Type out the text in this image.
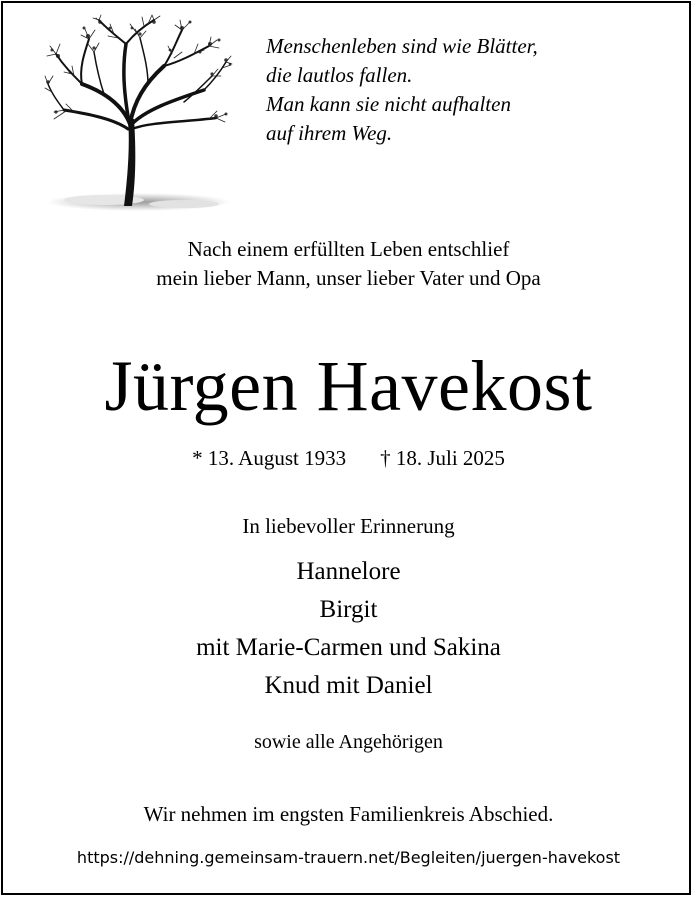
Menschenleben sind wie Blätter,
die lautlos fallen.
Man kann sie nicht aufhalten
auf ihrem Weg.
Nach einem erfüllten Leben entschlief
mein lieber Mann, unser lieber Vater und Opa
Jürgen Havekost
* 13. August 1933 † 18. Juli 2025
In liebevoller Erinnerung
Hannelore
Birgit
mit Marie-Carmen und Sakina
Knud mit Daniel
sowie alle Angehörigen
Wir nehmen im engsten Familienkreis Abschied.
https://dehning.gemeinsam-trauern.net/Begleiten/juergen-havekost
